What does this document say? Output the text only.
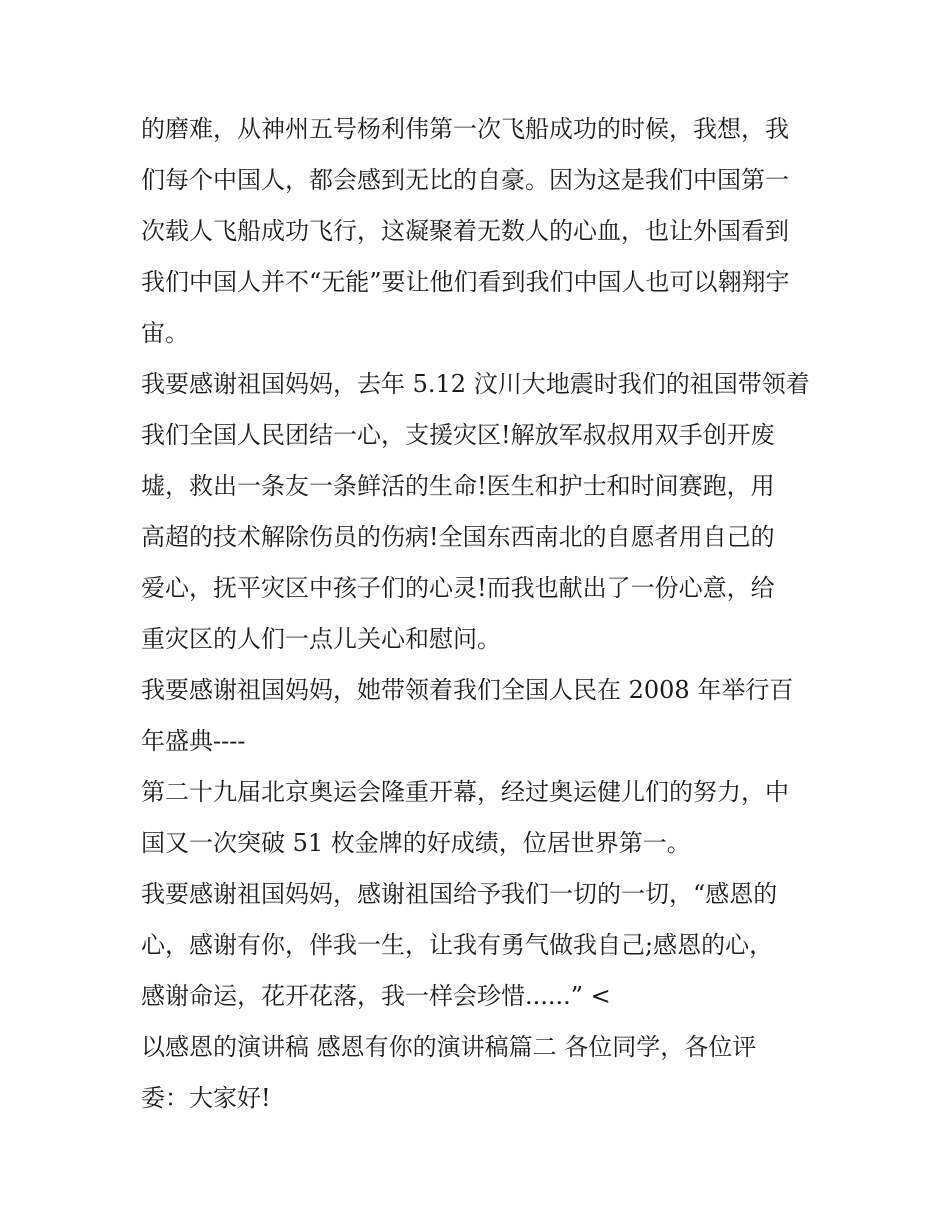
的磨难，从神州五号杨利伟第一次飞船成功的时候，我想，我
们每个中国人，都会感到无比的自豪。因为这是我们中国第一
次载人飞船成功飞行，这凝聚着无数人的心血，也让外国看到
我们中国人并不“无能”要让他们看到我们中国人也可以翱翔宇
宙。
我要感谢祖国妈妈，去年 5.12 汶川大地震时我们的祖国带领着
我们全国人民团结一心，支援灾区!解放军叔叔用双手创开废
墟，救出一条友一条鲜活的生命!医生和护士和时间赛跑，用
高超的技术解除伤员的伤病!全国东西南北的自愿者用自己的
爱心，抚平灾区中孩子们的心灵!而我也献出了一份心意，给
重灾区的人们一点儿关心和慰问。
我要感谢祖国妈妈，她带领着我们全国人民在 2008 年举行百
年盛典----
第二十九届北京奥运会隆重开幕，经过奥运健儿们的努力，中
国又一次突破 51 枚金牌的好成绩，位居世界第一。
我要感谢祖国妈妈，感谢祖国给予我们一切的一切，“感恩的
心，感谢有你，伴我一生，让我有勇气做我自己;感恩的心，
感谢命运，花开花落，我一样会珍惜......” <
以感恩的演讲稿 感恩有你的演讲稿篇二 各位同学，各位评
委：大家好!
